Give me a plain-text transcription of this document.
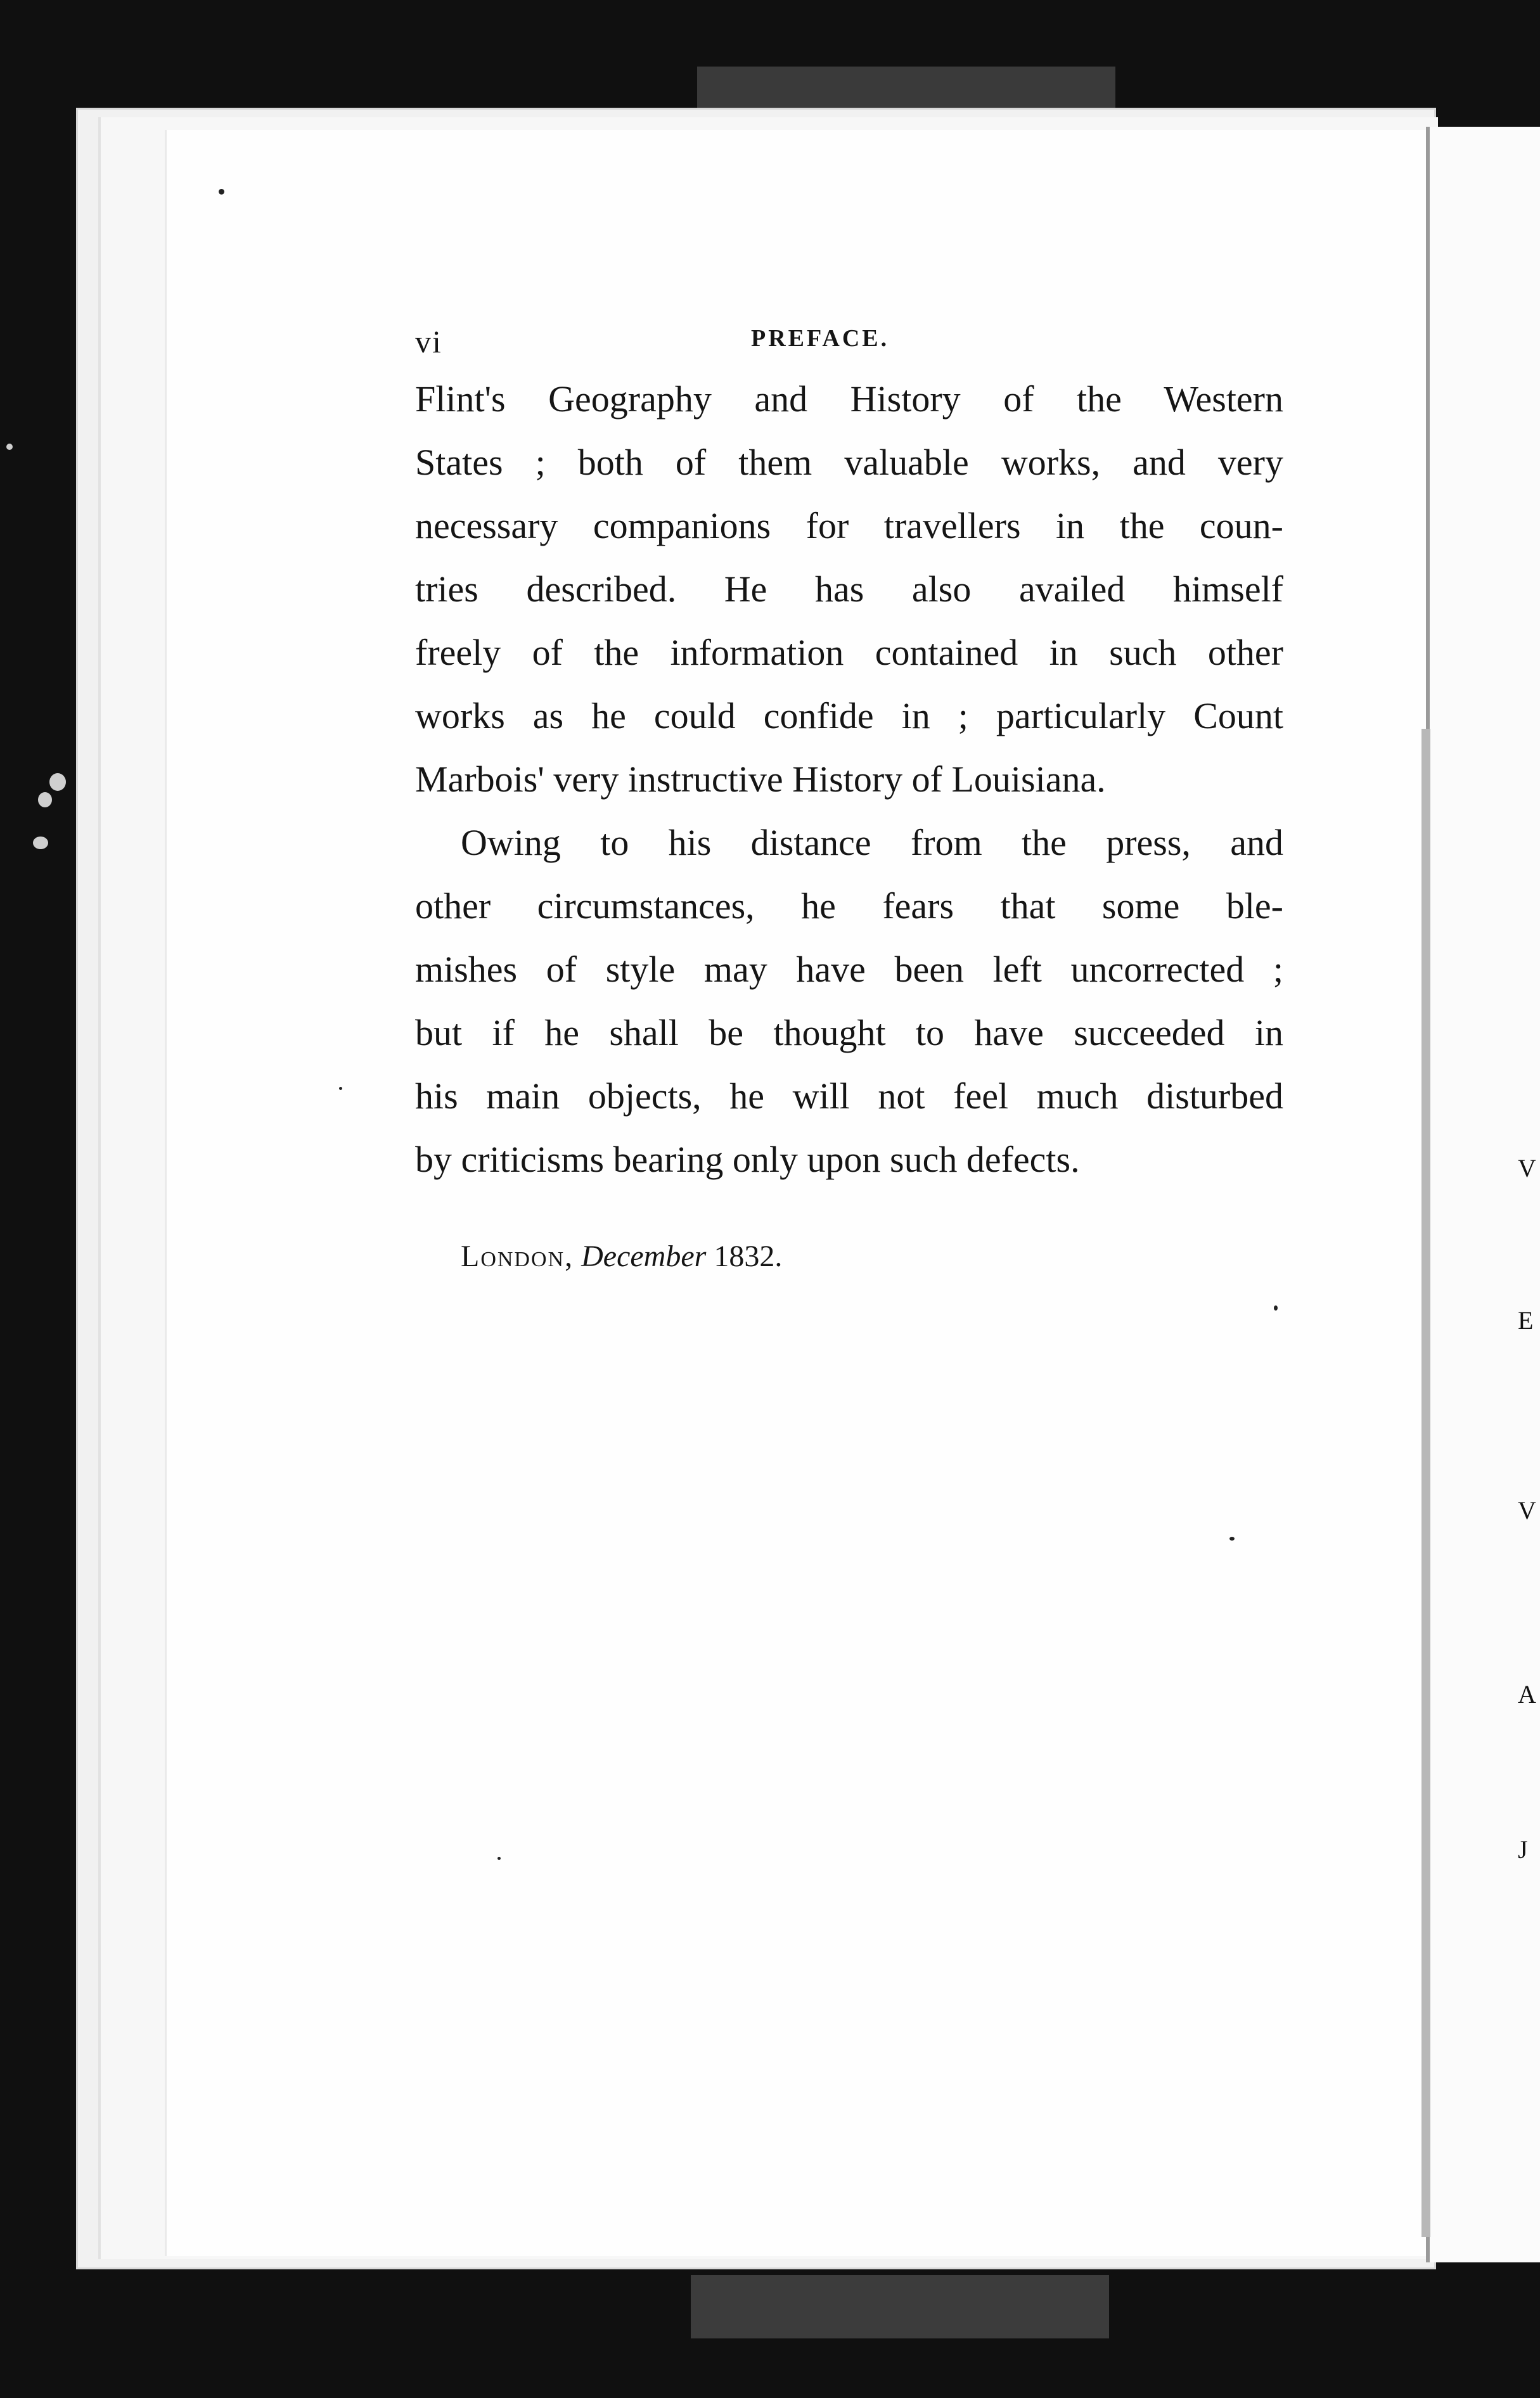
V
E
V
A
J
vi	PREFACE.
Flint's Geography and History of the Western
States ; both of them valuable works, and very
necessary companions for travellers in the coun-
tries described. He has also availed himself
freely of the information contained in such other
works as he could confide in ; particularly Count
Marbois' very instructive History of Louisiana.
Owing to his distance from the press, and
other circumstances, he fears that some ble-
mishes of style may have been left uncorrected ;
but if he shall be thought to have succeeded in
his main objects, he will not feel much disturbed
by criticisms bearing only upon such defects.
London, December 1832.
